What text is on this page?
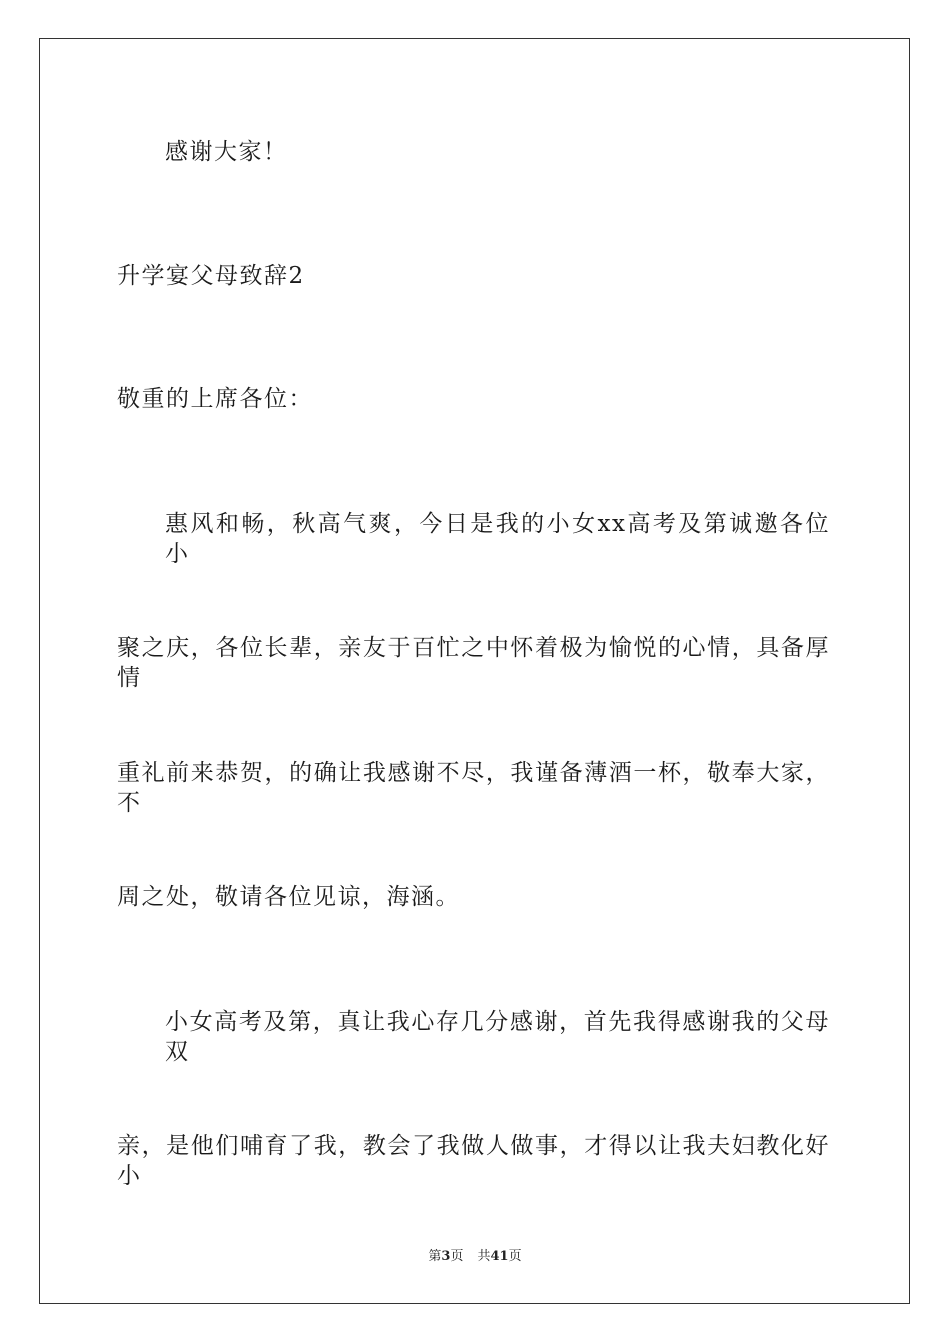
感谢大家！
升学宴父母致辞2
敬重的上席各位：
惠风和畅，秋高气爽，今日是我的小女xx高考及第诚邀各位小
聚之庆，各位长辈，亲友于百忙之中怀着极为愉悦的心情，具备厚情
重礼前来恭贺，的确让我感谢不尽，我谨备薄酒一杯，敬奉大家，不
周之处，敬请各位见谅，海涵。
小女高考及第，真让我心存几分感谢，首先我得感谢我的父母双
亲，是他们哺育了我，教会了我做人做事，才得以让我夫妇教化好小
第3页 共41页
